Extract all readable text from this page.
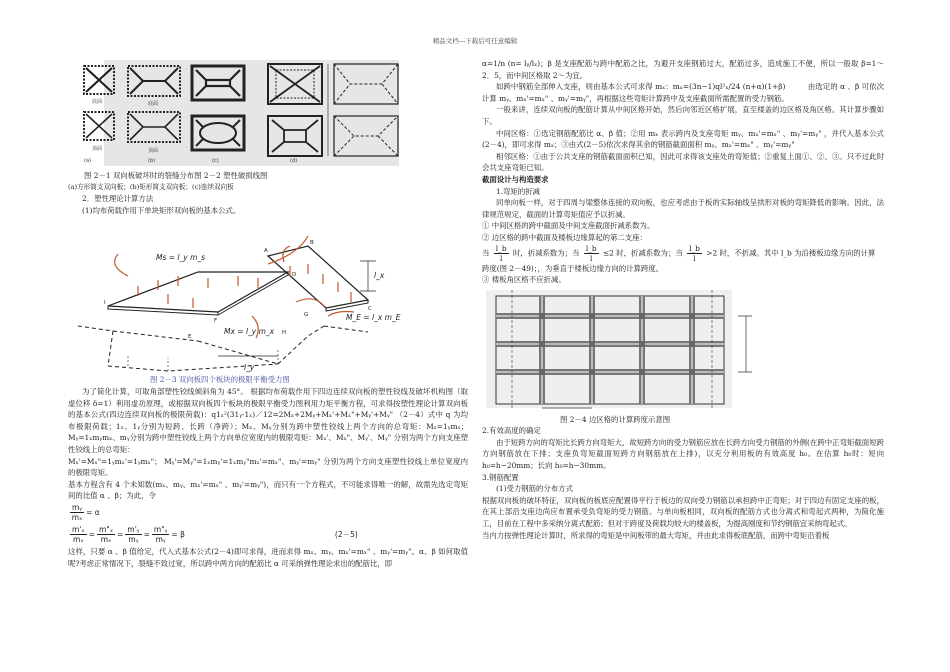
精品文档---下载后可任意编辑
底面
顶面
底面
顶面
(a)	(b)	(c)	(d)

图 2－1 双向板破坏时的裂缝分布图 2－2 塑性破损线图

(a)方形简支双向板；(b)矩形简支双向板；(c)连续双向板

2．塑性理论计算方法

(1)均布荷载作用下单块矩形双向板的基本公式。

Ms = l_y m_s
Mx = l_y m_x
M_E = l_x m_E
l_x
l_y
A
B
C
D
E
F
G
H
I

图 2－3 双向板四个板块的极限平衡受力图

为了简化计算，可取角部塑性铰线倾斜角为 45°。 根据均布荷载作用下四边连续双向板的塑性铰线及破坏机构图（取虚位移 δ=1）利用虚功原理，或根据双向板四个板块的极限平衡受力图利用力矩平衡方程，可求得按塑性理论计算双向板的基本公式(四边连续双向板的极限荷载)：q1ₓ²(31ᵧ-1ₓ)／12=2Mₓ+2Mᵧ+Mₓ'+Mₓ"+Mᵧ'+Mᵧ" （2－4）式中 q 为均布极限荷载；1ₓ、1ᵧ分别为短跨、长跨（净跨）；Mₓ、Mᵧ分别为跨中塑性铰线上两个方向的总弯矩：Mₓ=1ᵧmₓ；Mᵧ=1ₓmᵧmₓ、mᵧ分别为跨中塑性铰线上两个方向单位宽度内的极限弯矩：Mₓ'、Mₓ"、Mᵧ'、Mᵧ" 分别为两个方向支座塑性铰线上的总弯矩：

Mₓ'=Mₓ"=1ᵧmₓ'=1ᵧmₓ"； Mᵧ'=Mᵧ"=1ₓmᵧ'=1ₓmᵧ"mₓ'=mₓ"、mᵧ'=mᵧ" 分别为两个方向支座塑性铰线上单位宽度内的极限弯矩。

基本方程含有 4 个未知数(mₓ、mᵧ、mₓ'=mₓ" 、mᵧ'=mᵧ")，而只有一个方程式，不可能求得唯一的解，故需先选定弯矩间的比值 α 、β；为此，令

$\frac{\text{mᵧ}}{\text{mₓ}} = \alpha$
$\frac{\text{m'ₓ}}{\text{mₓ}} = \frac{\text{m"ₓ}}{\text{mₓ}} = \frac{\text{m'ᵧ}}{\text{mᵧ}} = \frac{\text{m"ᵧ}}{\text{mᵧ}} = \beta$	(2－5)

这样，只要 α 、β 值给定，代入式基本公式(2－4)即可求得，进而求得 mₓ、mᵧ、mₓ'=mₓ" 、mᵧ'=mᵧ"。α、β 如何取值呢?考虑正常情况下，裂缝不致过宽，所以跨中两方向的配筋比 α 可采纳弹性理论求出的配筋比，即

α=1/n (n= lᵧ/lₓ)；β 是支座配筋与跨中配筋之比，为避开支座钢筋过大，配筋过多，造成施工不便，所以一般取 β=1～2．5，而中间区格取 2～为宜。

如跨中钢筋全部伸入支座，则由基本公式可求得 mₓ：mₓ=(3n−1)ql²ₓ/24 (n+α)(1+β)　　　由选定的 α 、β 可依次计算 mᵧ、mₓ'=mₓ" 、mᵧ'=mᵧ"，再根据这些弯矩计算跨中及支座截面所需配置的受力钢筋。

一般来讲，连续双向板的配筋计算从中间区格开始，然后向邻近区格扩展，直至楼盖的边区格及角区格。其计算步骤如下。

中间区格：①选定钢筋配筋比 α、β 值；②用 mₓ 表示跨内及支座弯矩 mᵧ、mₓ'=mₓ" 、mᵧ'=mᵧ" ，并代入基本公式(2－4)，即可求得 mₓ；③由式(2－5)依次求得其余的钢筋截面面积 mᵧ、mₓ'=mₓ" 、mᵧ'=mᵧ"

相邻区格：①由于公共支座的钢筋截面面积已知，因此可求得该支座处的弯矩值；②重复上面①、②、③。只不过此时会共支座弯矩已知。

截面设计与构造要求

1.弯矩的折减

同单向板一样，对于四周与梁整体连接的双向板，也应考虑由于板的实际轴线呈拱形对板的弯矩降低的影响。因此，法律规范规定，截面的计算弯矩值应予以折减。

① 中间区格的跨中截面及中间支座截面折减系数为。

② 边区格的跨中截面及楼板边缘算起的第二支座：

当 $\frac{l\_b}{l}$ 时，折减系数为；当 $\frac{l\_b}{l} \le 2$ 时，折减系数为；当 $\frac{l\_b}{l} >2$ 时，不折减。其中 l_b 为沿楼板边缘方向的计算

跨度(图 2－49)；，为垂直于楼板边缘方向的计算跨度。

③ 楼板角区格不应折减。

图 2－4 边区格的计算跨度示意图

2.有效高度的确定

由于短跨方向的弯矩比长跨方向弯矩大，故短跨方向的受力钢筋应放在长跨方向受力钢筋的外侧(在跨中正弯矩截面短跨方向钢筋放在下排；支座负弯矩截面短跨方向钢筋放在上排)，以充分利用板的有效高度 h₀。在估算 h₀时：短向 h₀=h−20mm；长向 h₀=h−30mm。

3.钢筋配置

(1)受力钢筋的分布方式

根据双向板的破坏特征，双向板的板底应配置得平行于板边的双向受力钢筋以承担跨中正弯矩；对于四边有固定支座的板，在其上部沿支座边尚应布置承受负弯矩的受力钢筋。与单向板相同，双向板的配筋方式也分离式和弯起式两种，为简化施工，目前在工程中多采纳分离式配筋；但对于跨度及荷载均较大的楼盖板，为提高刚度和节约钢筋宜采纳弯起式。

当内力按弹性理论计算时，所求得的弯矩是中间板带的最大弯矩，并由此求得板底配筋，而跨中弯矩沿着板
